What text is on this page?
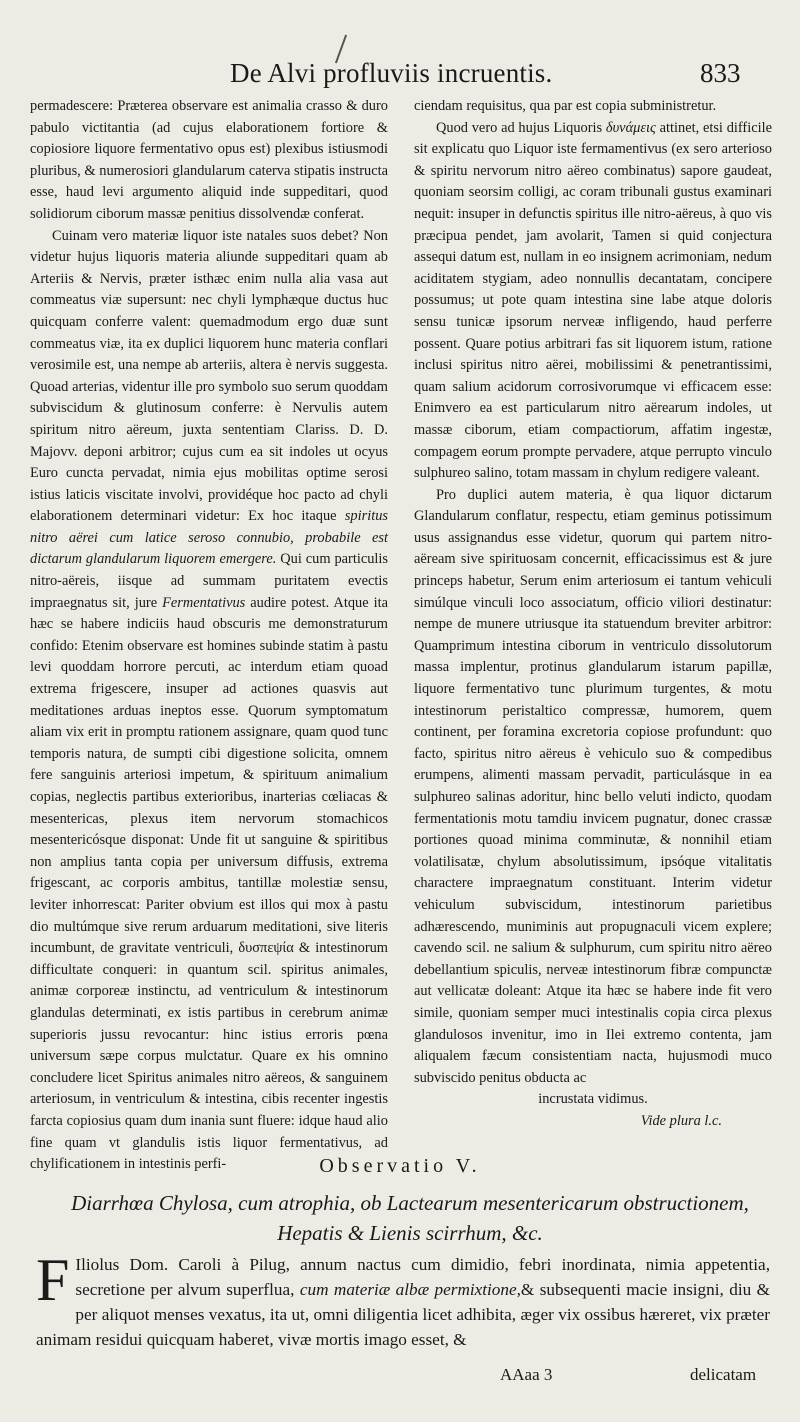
De Alvi profluviis incruentis.	833

permadescere: Præterea observare est animalia crasso & duro pabulo victitantia (ad cujus elaborationem fortiore & copiosiore liquore fermentativo opus est) plexibus istiusmodi pluribus, & numerosiori glandularum caterva stipatis instructa esse, haud levi argumento aliquid inde suppeditari, quod solidiorum ciborum massæ penitius dissolvendæ conferat.

Cuinam vero materiæ liquor iste natales suos debet? Non videtur hujus liquoris materia aliunde suppeditari quam ab Arteriis & Nervis, præter isthæc enim nulla alia vasa aut commeatus viæ supersunt: nec chyli lymphæque ductus huc quicquam conferre valent: quemadmodum ergo duæ sunt commeatus viæ, ita ex duplici liquorem hunc materia conflari verosimile est, una nempe ab arteriis, altera è nervis suggesta. Quoad arterias, videntur ille pro symbolo suo serum quoddam subviscidum & glutinosum conferre: è Nervulis autem spiritum nitro aëreum, juxta sententiam Clariss. D. D. Majovv. deponi arbitror; cujus cum ea sit indoles ut ocyus Euro cuncta pervadat, nimia ejus mobilitas optime serosi istius laticis viscitate involvi, providéque hoc pacto ad chyli elaborationem determinari videtur: Ex hoc itaque spiritus nitro aërei cum latice seroso connubio, probabile est dictarum glandularum liquorem emergere. Qui cum particulis nitro-aëreis, iisque ad summam puritatem evectis impraegnatus sit, jure Fermentativus audire potest. Atque ita hæc se habere indiciis haud obscuris me demonstraturum confido: Etenim observare est homines subinde statim à pastu levi quoddam horrore percuti, ac interdum etiam quoad extrema frigescere, insuper ad actiones quasvis aut meditationes arduas ineptos esse. Quorum symptomatum aliam vix erit in promptu rationem assignare, quam quod tunc temporis natura, de sumpti cibi digestione solicita, omnem fere sanguinis arteriosi impetum, & spirituum animalium copias, neglectis partibus exterioribus, inarterias cœliacas & mesentericas, plexus item nervorum stomachicos mesentericósque disponat: Unde fit ut sanguine & spiritibus non amplius tanta copia per universum diffusis, extrema frigescant, ac corporis ambitus, tantillæ molestiæ sensu, leviter inhorrescat: Pariter obvium est illos qui mox à pastu dio multúmque sive rerum arduarum meditationi, sive literis incumbunt, de gravitate ventriculi, δυσπεψία & intestinorum difficultate conqueri: in quantum scil. spiritus animales, animæ corporeæ instinctu, ad ventriculum & intestinorum glandulas determinati, ex istis partibus in cerebrum animæ superioris jussu revocantur: hinc istius erroris pœna universum sæpe corpus mulctatur. Quare ex his omnino concludere licet Spiritus animales nitro aëreos, & sanguinem arteriosum, in ventriculum & intestina, cibis recenter ingestis farcta copiosius quam dum inania sunt fluere: idque haud alio fine quam vt glandulis istis liquor fermentativus, ad chylificationem in intestinis perfi-

ciendam requisitus, qua par est copia subministretur.

Quod vero ad hujus Liquoris δυνάμεις attinet, etsi difficile sit explicatu quo Liquor iste fermamentivus (ex sero arterioso & spiritu nervorum nitro aëreo combinatus) sapore gaudeat, quoniam seorsim colligi, ac coram tribunali gustus examinari nequit: insuper in defunctis spiritus ille nitro-aëreus, à quo vis præcipua pendet, jam avolarit, Tamen si quid conjectura assequi datum est, nullam in eo insignem acrimoniam, nedum aciditatem stygiam, adeo nonnullis decantatam, concipere possumus; ut pote quam intestina sine labe atque doloris sensu tunicæ ipsorum nerveæ infligendo, haud perferre possent. Quare potius arbitrari fas sit liquorem istum, ratione inclusi spiritus nitro aërei, mobilissimi & penetrantissimi, quam salium acidorum corrosivorumque vi efficacem esse: Enimvero ea est particularum nitro aërearum indoles, ut massæ ciborum, etiam compactiorum, affatim ingestæ, compagem eorum prompte pervadere, atque perrupto vinculo sulphureo salino, totam massam in chylum redigere valeant.

Pro duplici autem materia, è qua liquor dictarum Glandularum conflatur, respectu, etiam geminus potissimum usus assignandus esse videtur, quorum qui partem nitro-aëream sive spirituosam concernit, efficacissimus est & jure princeps habetur, Serum enim arteriosum ei tantum vehiculi simúlque vinculi loco associatum, officio viliori destinatur: nempe de munere utriusque ita statuendum breviter arbitror: Quamprimum intestina ciborum in ventriculo dissolutorum massa implentur, protinus glandularum istarum papillæ, liquore fermentativo tunc plurimum turgentes, & motu intestinorum peristaltico compressæ, humorem, quem continent, per foramina excretoria copiose profundunt: quo facto, spiritus nitro aëreus è vehiculo suo & compedibus erumpens, alimenti massam pervadit, particulásque in ea sulphureo salinas adoritur, hinc bello veluti indicto, quodam fermentationis motu tamdiu invicem pugnatur, donec crassæ portiones quoad minima comminutæ, & nonnihil etiam volatilisatæ, chylum absolutissimum, ipsóque vitalitatis charactere impraegnatum constituant. Interim videtur vehiculum subviscidum, intestinorum parietibus adhærescendo, muniminis aut propugnaculi vicem explere; cavendo scil. ne salium & sulphurum, cum spiritu nitro aëreo debellantium spiculis, nerveæ intestinorum fibræ compunctæ aut vellicatæ doleant: Atque ita hæc se habere inde fit vero simile, quoniam semper muci intestinalis copia circa plexus glandulosos invenitur, imo in Ilei extremo contenta, jam aliqualem fæcum consistentiam nacta, hujusmodi muco subviscido penitus obducta ac

incrustata vidimus.

Vide plura l.c.

Observatio V.
Diarrhœa Chylosa, cum atrophia, ob Lactearum mesentericarum obstructionem,
Hepatis & Lienis scirrhum, &c.
F Iliolus Dom. Caroli à Pilug, annum nactus cum dimidio, febri inordinata, nimia appetentia, secretione per alvum superflua, cum materiæ albæ permixtione,& subsequenti macie insigni, diu & per aliquot menses vexatus, ita ut, omni diligentia licet adhibita, æger vix ossibus hæreret, vix præter animam residui quicquam haberet, vivæ mortis imago esset, &
AAaa 3	delicatam
